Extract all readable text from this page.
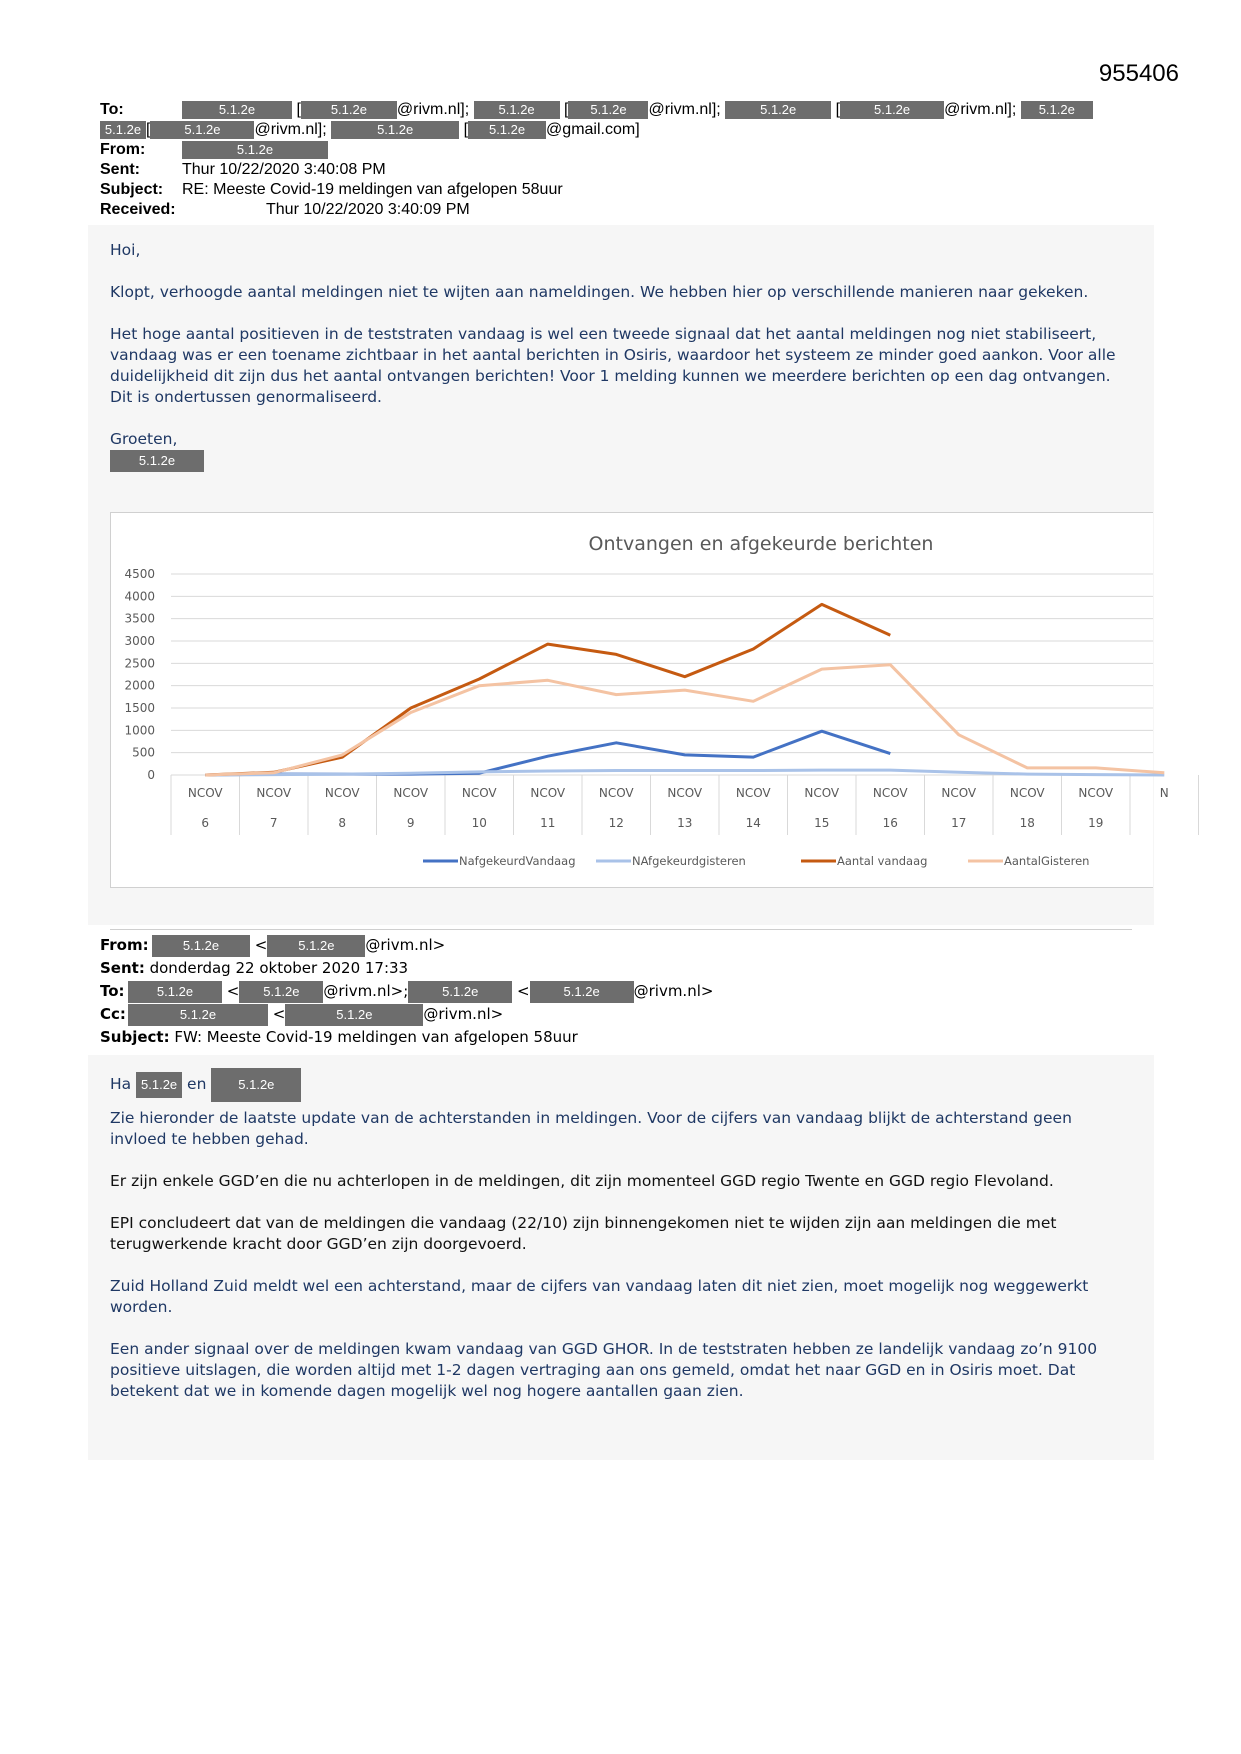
955406
To:	5.1.2e [ 5.1.2e @rivm.nl]; 5.1.2e [ 5.1.2e @rivm.nl];	5.1.2e [	5.1.2e @rivm.nl]; 5.1.2e
5.1.2e [	5.1.2e @rivm.nl];	5.1.2e	[ 5.1.2e @gmail.com]
From:	5.1.2e
Sent:	Thur 10/22/2020 3:40:08 PM
Subject: RE: Meeste Covid-19 meldingen van afgelopen 58uur
Received:	Thur 10/22/2020 3:40:09 PM

Hoi,

Klopt, verhoogde aantal meldingen niet te wijten aan nameldingen. We hebben hier op verschillende manieren naar gekeken.

Het hoge aantal positieven in de teststraten vandaag is wel een tweede signaal dat het aantal meldingen nog niet stabiliseert, vandaag was er een toename zichtbaar in het aantal berichten in Osiris, waardoor het systeem ze minder goed aankon. Voor alle duidelijkheid dit zijn dus het aantal ontvangen berichten! Voor 1 melding kunnen we meerdere berichten op een dag ontvangen. Dit is ondertussen genormaliseerd.

Groeten,

5.1.2e
Ontvangen en afgekeurde berichten
4500
4000
3500
3000
2500
2000
1500
1000
500
0
NCOV
6
NCOV
7
NCOV
8
NCOV
9
NCOV
10
NCOV
11
NCOV
12
NCOV
13
NCOV
14
NCOV
15
NCOV
16
NCOV
17
NCOV
18
NCOV
19
N
NafgekeurdVandaag	NAfgekeurdgisteren	Aantal vandaag	AantalGisteren
From:	5.1.2e < 5.1.2e @rivm.nl>
Sent: donderdag 22 oktober 2020 17:33
To: 5.1.2e < 5.1.2e @rivm.nl>;	5.1.2e	<	5.1.2e @rivm.nl>
Cc:	5.1.2e	<	5.1.2e	@rivm.nl>
Subject: FW: Meeste Covid-19 meldingen van afgelopen 58uur

Ha 5.1.2e en 5.1.2e

Zie hieronder de laatste update van de achterstanden in meldingen. Voor de cijfers van vandaag blijkt de achterstand geen invloed te hebben gehad.

Er zijn enkele GGD’en die nu achterlopen in de meldingen, dit zijn momenteel GGD regio Twente en GGD regio Flevoland.

EPI concludeert dat van de meldingen die vandaag (22/10) zijn binnengekomen niet te wijden zijn aan meldingen die met terugwerkende kracht door GGD’en zijn doorgevoerd.

Zuid Holland Zuid meldt wel een achterstand, maar de cijfers van vandaag laten dit niet zien, moet mogelijk nog weggewerkt worden.

Een ander signaal over de meldingen kwam vandaag van GGD GHOR. In de teststraten hebben ze landelijk vandaag zo’n 9100 positieve uitslagen, die worden altijd met 1-2 dagen vertraging aan ons gemeld, omdat het naar GGD en in Osiris moet. Dat betekent dat we in komende dagen mogelijk wel nog hogere aantallen gaan zien.
